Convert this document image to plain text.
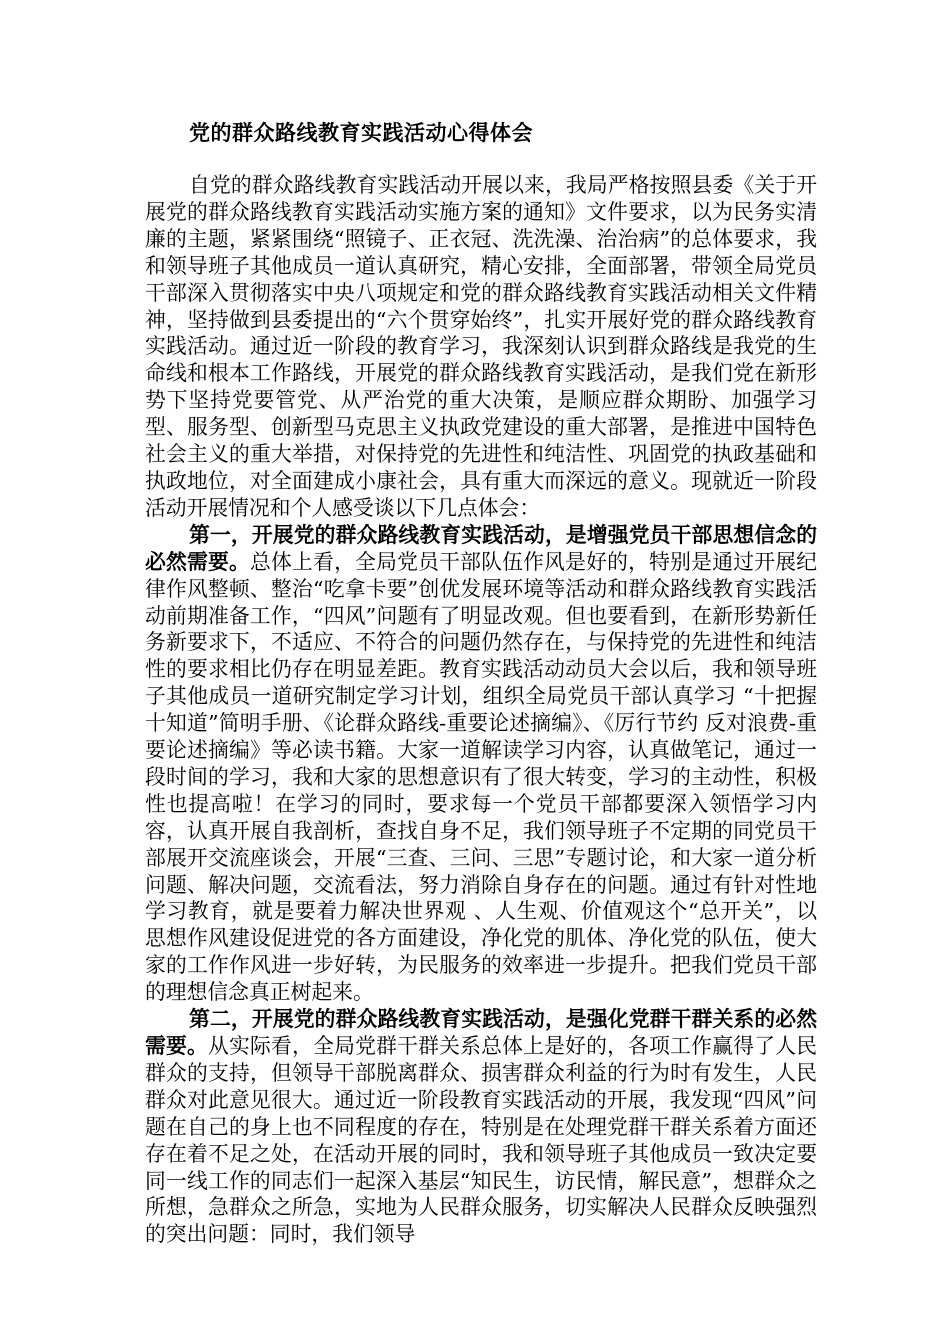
党的群众路线教育实践活动心得体会

自党的群众路线教育实践活动开展以来，我局严格按照县委《关于开展党的群众路线教育实践活动实施方案的通知》文件要求，以为民务实清廉的主题，紧紧围绕“照镜子、正衣冠、洗洗澡、治治病”的总体要求，我和领导班子其他成员一道认真研究，精心安排，全面部署，带领全局党员干部深入贯彻落实中央八项规定和党的群众路线教育实践活动相关文件精神，坚持做到县委提出的“六个贯穿始终”，扎实开展好党的群众路线教育实践活动。通过近一阶段的教育学习，我深刻认识到群众路线是我党的生命线和根本工作路线，开展党的群众路线教育实践活动，是我们党在新形势下坚持党要管党、从严治党的重大决策，是顺应群众期盼、加强学习型、服务型、创新型马克思主义执政党建设的重大部署，是推进中国特色社会主义的重大举措，对保持党的先进性和纯洁性、巩固党的执政基础和执政地位，对全面建成小康社会，具有重大而深远的意义。现就近一阶段活动开展情况和个人感受谈以下几点体会：

第一，开展党的群众路线教育实践活动，是增强党员干部思想信念的必然需要。总体上看，全局党员干部队伍作风是好的，特别是通过开展纪律作风整顿、整治“吃拿卡要”创优发展环境等活动和群众路线教育实践活动前期准备工作，“四风”问题有了明显改观。但也要看到，在新形势新任务新要求下，不适应、不符合的问题仍然存在，与保持党的先进性和纯洁性的要求相比仍存在明显差距。教育实践活动动员大会以后，我和领导班子其他成员一道研究制定学习计划，组织全局党员干部认真学习 “十把握十知道”简明手册、《论群众路线-重要论述摘编》、《厉行节约 反对浪费-重要论述摘编》等必读书籍。大家一道解读学习内容，认真做笔记，通过一段时间的学习，我和大家的思想意识有了很大转变，学习的主动性，积极性也提高啦！在学习的同时，要求每一个党员干部都要深入领悟学习内容，认真开展自我剖析，查找自身不足，我们领导班子不定期的同党员干部展开交流座谈会，开展“三查、三问、三思”专题讨论，和大家一道分析问题、解决问题，交流看法，努力消除自身存在的问题。通过有针对性地学习教育，就是要着力解决世界观 、人生观、价值观这个“总开关”，以思想作风建设促进党的各方面建设，净化党的肌体、净化党的队伍，使大家的工作作风进一步好转，为民服务的效率进一步提升。把我们党员干部的理想信念真正树起来。

第二，开展党的群众路线教育实践活动，是强化党群干群关系的必然需要。从实际看，全局党群干群关系总体上是好的，各项工作赢得了人民群众的支持，但领导干部脱离群众、损害群众利益的行为时有发生，人民群众对此意见很大。通过近一阶段教育实践活动的开展，我发现“四风”问题在自己的身上也不同程度的存在，特别是在处理党群干群关系着方面还存在着不足之处，在活动开展的同时，我和领导班子其他成员一致决定要同一线工作的同志们一起深入基层“知民生，访民情，解民意”，想群众之所想，急群众之所急，实地为人民群众服务，切实解决人民群众反映强烈的突出问题：同时，我们领导
